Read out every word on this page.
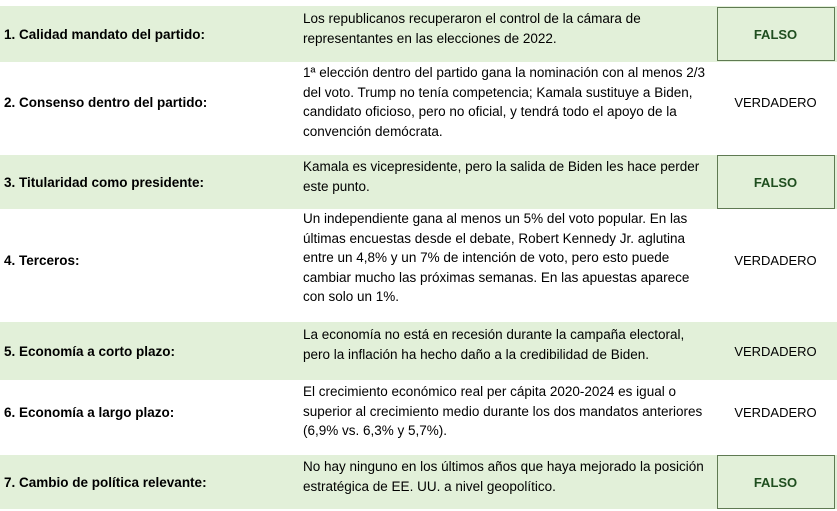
1. Calidad mandato del partido:
Los republicanos recuperaron el control de la cámara de representantes en las elecciones de 2022.	FALSO
2. Consenso dentro del partido:
1ª elección dentro del partido gana la nominación con al menos 2/3 del voto. Trump no tenía competencia; Kamala sustituye a Biden, candidato oficioso, pero no oficial, y tendrá todo el apoyo de la convención demócrata.
VERDADERO
3. Titularidad como presidente:
Kamala es vicepresidente, pero la salida de Biden les hace perder este punto.	FALSO
4. Terceros:
Un independiente gana al menos un 5% del voto popular. En las últimas encuestas desde el debate, Robert Kennedy Jr. aglutina entre un 4,8% y un 7% de intención de voto, pero esto puede cambiar mucho las próximas semanas. En las apuestas aparece con solo un 1%.
VERDADERO
5. Economía a corto plazo:
La economía no está en recesión durante la campaña electoral, pero la inflación ha hecho daño a la credibilidad de Biden.	VERDADERO
6. Economía a largo plazo:
El crecimiento económico real per cápita 2020-2024 es igual o superior al crecimiento medio durante los dos mandatos anteriores (6,9% vs. 6,3% y 5,7%).
VERDADERO
7. Cambio de política relevante:
No hay ninguno en los últimos años que haya mejorado la posición estratégica de EE. UU. a nivel geopolítico.	FALSO
